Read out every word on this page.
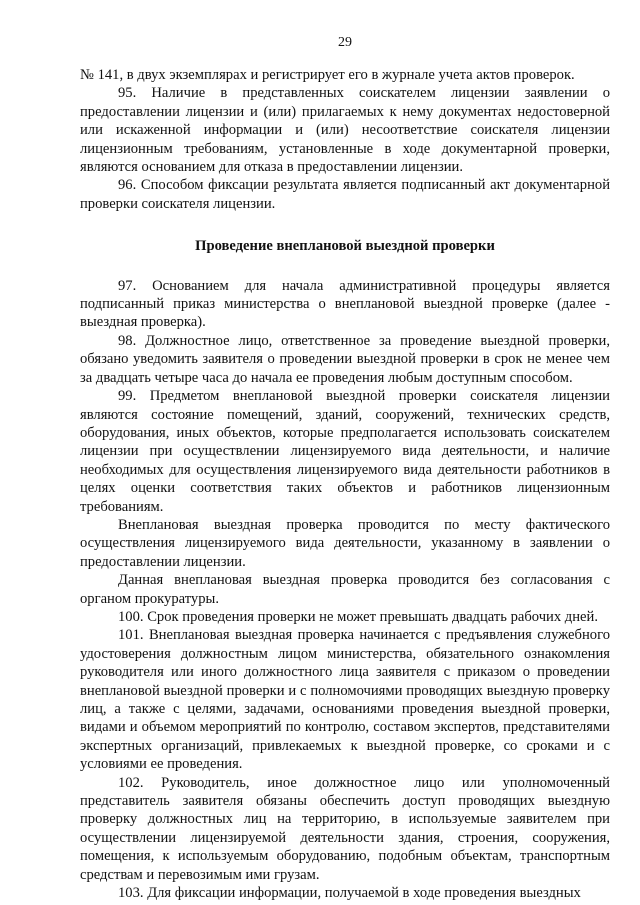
29

№ 141, в двух экземплярах и регистрирует его в журнале учета актов проверок.

95. Наличие в представленных соискателем лицензии заявлении о предоставлении лицензии и (или) прилагаемых к нему документах недостоверной или искаженной информации и (или) несоответствие соискателя лицензии лицензионным требованиям, установленные в ходе документарной проверки, являются основанием для отказа в предоставлении лицензии.

96. Способом фиксации результата является подписанный акт документарной проверки соискателя лицензии.

Проведение внеплановой выездной проверки

97. Основанием для начала административной процедуры является подписанный приказ министерства о внеплановой выездной проверке (далее - выездная проверка).

98. Должностное лицо, ответственное за проведение выездной проверки, обязано уведомить заявителя о проведении выездной проверки в срок не менее чем за двадцать четыре часа до начала ее проведения любым доступным способом.

99. Предметом внеплановой выездной проверки соискателя лицензии являются состояние помещений, зданий, сооружений, технических средств, оборудования, иных объектов, которые предполагается использовать соискателем лицензии при осуществлении лицензируемого вида деятельности, и наличие необходимых для осуществления лицензируемого вида деятельности работников в целях оценки соответствия таких объектов и работников лицензионным требованиям.

Внеплановая выездная проверка проводится по месту фактического осуществления лицензируемого вида деятельности, указанному в заявлении о предоставлении лицензии.

Данная внеплановая выездная проверка проводится без согласования с органом прокуратуры.

100. Срок проведения проверки не может превышать двадцать рабочих дней.

101. Внеплановая выездная проверка начинается с предъявления служебного удостоверения должностным лицом министерства, обязательного ознакомления руководителя или иного должностного лица заявителя с приказом о проведении внеплановой выездной проверки и с полномочиями проводящих выездную проверку лиц, а также с целями, задачами, основаниями проведения выездной проверки, видами и объемом мероприятий по контролю, составом экспертов, представителями экспертных организаций, привлекаемых к выездной проверке, со сроками и с условиями ее проведения.

102. Руководитель, иное должностное лицо или уполномоченный представитель заявителя обязаны обеспечить доступ проводящих выездную проверку должностных лиц на территорию, в используемые заявителем при осуществлении лицензируемой деятельности здания, строения, сооружения, помещения, к используемым оборудованию, подобным объектам, транспортным средствам и перевозимым ими грузам.

103. Для фиксации информации, получаемой в ходе проведения выездных
